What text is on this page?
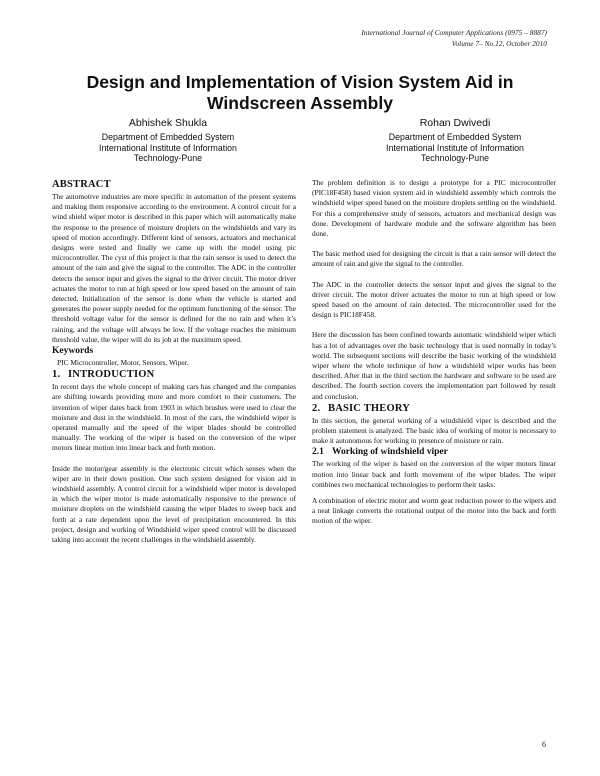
International Journal of Computer Applications (0975 – 8887)
Volume 7– No.12, October 2010
Design and Implementation of Vision System Aid in Windscreen Assembly
Abhishek Shukla
Department of Embedded System
International Institute of Information
Technology-Pune
Rohan Dwivedi
Department of Embedded System
International Institute of Information
Technology-Pune
ABSTRACT

The automotive industries are more specific in automation of the present systems and making them responsive according to the environment. A control circuit for a wind shield wiper motor is described in this paper which will automatically make the response to the presence of moisture droplets on the windshields and vary its speed of motion accordingly. Different kind of sensors, actuators and mechanical designs were tested and finally we came up with the model using pic microcontroller. The cyst of this project is that the rain sensor is used to detect the amount of the rain and give the signal to the controller. The ADC in the controller detects the sensor input and gives the signal to the driver circuit. The motor driver actuates the motor to run at high speed or low speed based on the amount of rain detected. Initialization of the sensor is done when the vehicle is started and generates the power supply needed for the optimum functioning of the sensor. The threshold voltage value for the sensor is defined for the no rain and when it’s raining, and the voltage will always be low. If the voltage reaches the minimum threshold value, the wiper will do its job at the maximum speed.

Keywords

PIC Microcontroller, Motor, Sensors, Wiper.

1. INTRODUCTION

In recent days the whole concept of making cars has changed and the companies are shifting towards providing more and more comfort to their customers. The invention of wiper dates back from 1903 in which brushes were used to clear the moisture and dust in the windshield. In most of the cars, the windshield wiper is operated manually and the speed of the wiper blades should be controlled manually. The working of the wiper is based on the conversion of the wiper motors linear motion into linear back and forth motion.

Inside the motor/gear assembly is the electronic circuit which senses when the wiper are in their down position. One such system designed for vision aid in windshield assembly. A control circuit for a windshield wiper motor is developed in which the wiper motor is made automatically responsive to the presence of moisture droplets on the windshield causing the wiper blades to sweep back and forth at a rate dependent upon the level of precipitation encountered. In this project, design and working of Windshield wiper speed control will be discussed taking into account the recent challenges in the windshield assembly.

The problem definition is to design a prototype for a PIC microcontroller (PIC18F458) based vision system aid in windshield assembly which controls the windshield wiper speed based on the moisture droplets settling on the windshield. For this a comprehensive study of sensors, actuators and mechanical design was done. Development of hardware module and the software algorithm has been done.

The basic method used for designing the circuit is that a rain sensor will detect the amount of rain and give the signal to the controller.

The ADC in the controller detects the sensor input and gives the signal to the driver circuit. The motor driver actuates the motor to run at high speed or low speed based on the amount of rain detected. The microcontroller used for the design is PIC18F458.

Here the discussion has been confined towards automatic windshield wiper which has a lot of advantages over the basic technology that is used normally in today’s world. The subsequent sections will describe the basic working of the windshield wiper where the whole technique of how a windshield wiper works has been described. After that in the third section the hardware and software to be used are described. The fourth section covers the implementation part followed by result and conclusion.

2. BASIC THEORY

In this section, the general working of a windshield viper is described and the problem statement is analyzed. The basic idea of working of motor is necessary to make it autonomous for working in presence of moisture or rain.

2.1 Working of windshield viper

The working of the wiper is based on the conversion of the wiper motors linear motion into linear back and forth movement of the wiper blades. The wiper combines two mechanical technologies to perform their tasks:

A combination of electric motor and worm gear reduction power to the wipers and a neat linkage converts the rotational output of the motor into the back and forth motion of the wiper.

6
